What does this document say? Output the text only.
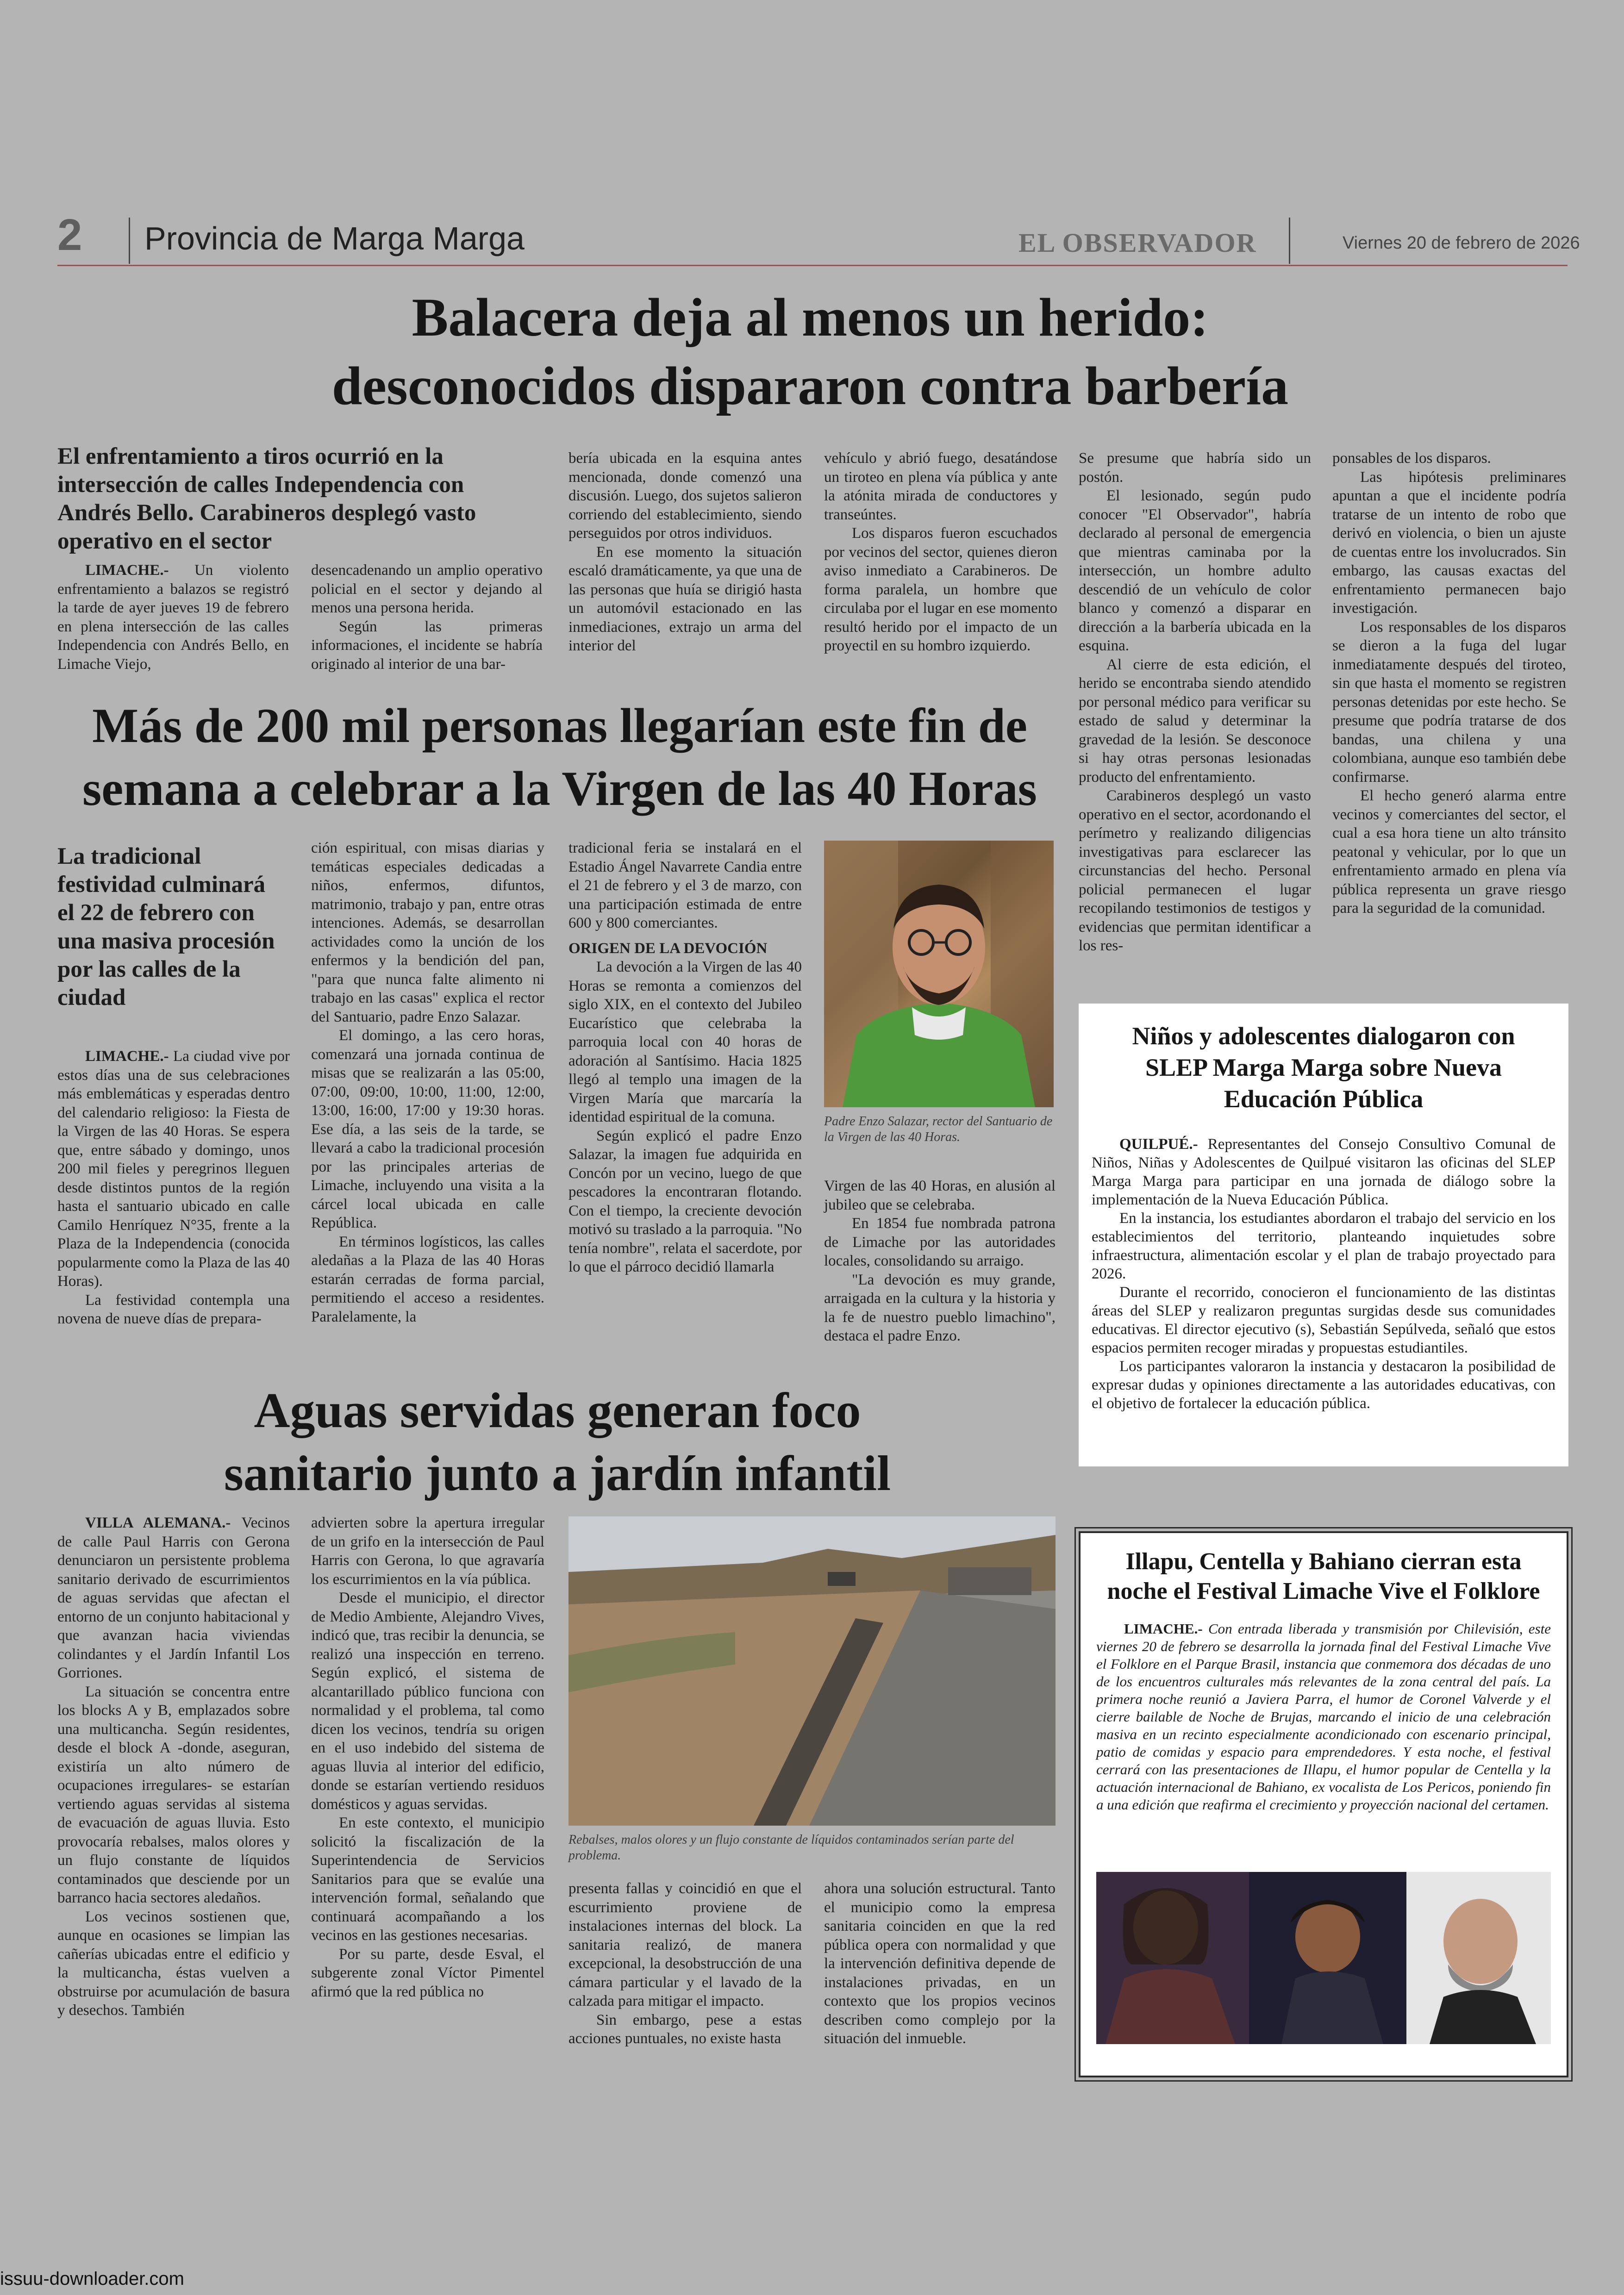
2 Provincia de Marga Marga	EL OBSERVADOR	Viernes 20 de febrero de 2026
Balacera deja al menos un herido:
desconocidos dispararon contra barbería
El enfrentamiento a tiros ocurrió en la intersección de calles Independencia con Andrés Bello. Carabineros desplegó vasto operativo en el sector

LIMACHE.- Un violento enfrentamiento a balazos se registró la tarde de ayer jueves 19 de febrero en plena intersección de las calles Independencia con Andrés Bello, en Limache Viejo,

desencadenando un amplio operativo policial en el sector y dejando al menos una persona herida.

Según las primeras informaciones, el incidente se habría originado al interior de una bar-

bería ubicada en la esquina antes mencionada, donde comenzó una discusión. Luego, dos sujetos salieron corriendo del establecimiento, siendo perseguidos por otros individuos.

En ese momento la situación escaló dramáticamente, ya que una de las personas que huía se dirigió hasta un automóvil estacionado en las inmediaciones, extrajo un arma del interior del

vehículo y abrió fuego, desatándose un tiroteo en plena vía pública y ante la atónita mirada de conductores y transeúntes.

Los disparos fueron escuchados por vecinos del sector, quienes dieron aviso inmediato a Carabineros. De forma paralela, un hombre que circulaba por el lugar en ese momento resultó herido por el impacto de un proyectil en su hombro izquierdo.

Se presume que habría sido un postón.

El lesionado, según pudo conocer "El Observador", habría declarado al personal de emergencia que mientras caminaba por la intersección, un hombre adulto descendió de un vehículo de color blanco y comenzó a disparar en dirección a la barbería ubicada en la esquina.

Al cierre de esta edición, el herido se encontraba siendo atendido por personal médico para verificar su estado de salud y determinar la gravedad de la lesión. Se desconoce si hay otras personas lesionadas producto del enfrentamiento.

Carabineros desplegó un vasto operativo en el sector, acordonando el perímetro y realizando diligencias investigativas para esclarecer las circunstancias del hecho. Personal policial permanecen el lugar recopilando testimonios de testigos y evidencias que permitan identificar a los res-

ponsables de los disparos.

Las hipótesis preliminares apuntan a que el incidente podría tratarse de un intento de robo que derivó en violencia, o bien un ajuste de cuentas entre los involucrados. Sin embargo, las causas exactas del enfrentamiento permanecen bajo investigación.

Los responsables de los disparos se dieron a la fuga del lugar inmediatamente después del tiroteo, sin que hasta el momento se registren personas detenidas por este hecho. Se presume que podría tratarse de dos bandas, una chilena y una colombiana, aunque eso también debe confirmarse.

El hecho generó alarma entre vecinos y comerciantes del sector, el cual a esa hora tiene un alto tránsito peatonal y vehicular, por lo que un enfrentamiento armado en plena vía pública representa un grave riesgo para la seguridad de la comunidad.

Más de 200 mil personas llegarían este fin de
semana a celebrar a la Virgen de las 40 Horas
La tradicional festividad culminará el 22 de febrero con una masiva procesión por las calles de la ciudad

LIMACHE.- La ciudad vive por estos días una de sus celebraciones más emblemáticas y esperadas dentro del calendario religioso: la Fiesta de la Virgen de las 40 Horas. Se espera que, entre sábado y domingo, unos 200 mil fieles y peregrinos lleguen desde distintos puntos de la región hasta el santuario ubicado en calle Camilo Henríquez N°35, frente a la Plaza de la Independencia (conocida popularmente como la Plaza de las 40 Horas).

La festividad contempla una novena de nueve días de prepara-

ción espiritual, con misas diarias y temáticas especiales dedicadas a niños, enfermos, difuntos, matrimonio, trabajo y pan, entre otras intenciones. Además, se desarrollan actividades como la unción de los enfermos y la bendición del pan, "para que nunca falte alimento ni trabajo en las casas" explica el rector del Santuario, padre Enzo Salazar.

El domingo, a las cero horas, comenzará una jornada continua de misas que se realizarán a las 05:00, 07:00, 09:00, 10:00, 11:00, 12:00, 13:00, 16:00, 17:00 y 19:30 horas. Ese día, a las seis de la tarde, se llevará a cabo la tradicional procesión por las principales arterias de Limache, incluyendo una visita a la cárcel local ubicada en calle República.

En términos logísticos, las calles aledañas a la Plaza de las 40 Horas estarán cerradas de forma parcial, permitiendo el acceso a residentes. Paralelamente, la

tradicional feria se instalará en el Estadio Ángel Navarrete Candia entre el 21 de febrero y el 3 de marzo, con una participación estimada de entre 600 y 800 comerciantes.

ORIGEN DE LA DEVOCIÓN

La devoción a la Virgen de las 40 Horas se remonta a comienzos del siglo XIX, en el contexto del Jubileo Eucarístico que celebraba la parroquia local con 40 horas de adoración al Santísimo. Hacia 1825 llegó al templo una imagen de la Virgen María que marcaría la identidad espiritual de la comuna.

Según explicó el padre Enzo Salazar, la imagen fue adquirida en Concón por un vecino, luego de que pescadores la encontraran flotando. Con el tiempo, la creciente devoción motivó su traslado a la parroquia. "No tenía nombre", relata el sacerdote, por lo que el párroco decidió llamarla

Padre Enzo Salazar, rector del Santuario de la Virgen de las 40 Horas.

Virgen de las 40 Horas, en alusión al jubileo que se celebraba.

En 1854 fue nombrada patrona de Limache por las autoridades locales, consolidando su arraigo.

"La devoción es muy grande, arraigada en la cultura y la historia y la fe de nuestro pueblo limachino", destaca el padre Enzo.

Niños y adolescentes dialogaron con SLEP Marga Marga sobre Nueva Educación Pública

QUILPUÉ.- Representantes del Consejo Consultivo Comunal de Niños, Niñas y Adolescentes de Quilpué visitaron las oficinas del SLEP Marga Marga para participar en una jornada de diálogo sobre la implementación de la Nueva Educación Pública.

En la instancia, los estudiantes abordaron el trabajo del servicio en los establecimientos del territorio, planteando inquietudes sobre infraestructura, alimentación escolar y el plan de trabajo proyectado para 2026.

Durante el recorrido, conocieron el funcionamiento de las distintas áreas del SLEP y realizaron preguntas surgidas desde sus comunidades educativas. El director ejecutivo (s), Sebastián Sepúlveda, señaló que estos espacios permiten recoger miradas y propuestas estudiantiles.

Los participantes valoraron la instancia y destacaron la posibilidad de expresar dudas y opiniones directamente a las autoridades educativas, con el objetivo de fortalecer la educación pública.

Aguas servidas generan foco
sanitario junto a jardín infantil

VILLA ALEMANA.- Vecinos de calle Paul Harris con Gerona denunciaron un persistente problema sanitario derivado de escurrimientos de aguas servidas que afectan el entorno de un conjunto habitacional y que avanzan hacia viviendas colindantes y el Jardín Infantil Los Gorriones.

La situación se concentra entre los blocks A y B, emplazados sobre una multicancha. Según residentes, desde el block A -donde, aseguran, existiría un alto número de ocupaciones irregulares- se estarían vertiendo aguas servidas al sistema de evacuación de aguas lluvia. Esto provocaría rebalses, malos olores y un flujo constante de líquidos contaminados que desciende por un barranco hacia sectores aledaños.

Los vecinos sostienen que, aunque en ocasiones se limpian las cañerías ubicadas entre el edificio y la multicancha, éstas vuelven a obstruirse por acumulación de basura y desechos. También

advierten sobre la apertura irregular de un grifo en la intersección de Paul Harris con Gerona, lo que agravaría los escurrimientos en la vía pública.

Desde el municipio, el director de Medio Ambiente, Alejandro Vives, indicó que, tras recibir la denuncia, se realizó una inspección en terreno. Según explicó, el sistema de alcantarillado público funciona con normalidad y el problema, tal como dicen los vecinos, tendría su origen en el uso indebido del sistema de aguas lluvia al interior del edificio, donde se estarían vertiendo residuos domésticos y aguas servidas.

En este contexto, el municipio solicitó la fiscalización de la Superintendencia de Servicios Sanitarios para que se evalúe una intervención formal, señalando que continuará acompañando a los vecinos en las gestiones necesarias.

Por su parte, desde Esval, el subgerente zonal Víctor Pimentel afirmó que la red pública no

Rebalses, malos olores y un flujo constante de líquidos contaminados serían parte del problema.

presenta fallas y coincidió en que el escurrimiento proviene de instalaciones internas del block. La sanitaria realizó, de manera excepcional, la desobstrucción de una cámara particular y el lavado de la calzada para mitigar el impacto.

Sin embargo, pese a estas acciones puntuales, no existe hasta

ahora una solución estructural. Tanto el municipio como la empresa sanitaria coinciden en que la red pública opera con normalidad y que la intervención definitiva depende de instalaciones privadas, en un contexto que los propios vecinos describen como complejo por la situación del inmueble.

Illapu, Centella y Bahiano cierran esta noche el Festival Limache Vive el Folklore

LIMACHE.- Con entrada liberada y transmisión por Chilevisión, este viernes 20 de febrero se desarrolla la jornada final del Festival Limache Vive el Folklore en el Parque Brasil, instancia que conmemora dos décadas de uno de los encuentros culturales más relevantes de la zona central del país. La primera noche reunió a Javiera Parra, el humor de Coronel Valverde y el cierre bailable de Noche de Brujas, marcando el inicio de una celebración masiva en un recinto especialmente acondicionado con escenario principal, patio de comidas y espacio para emprendedores. Y esta noche, el festival cerrará con las presentaciones de Illapu, el humor popular de Centella y la actuación internacional de Bahiano, ex vocalista de Los Pericos, poniendo fin a una edición que reafirma el crecimiento y proyección nacional del certamen.

issuu-downloader.com
